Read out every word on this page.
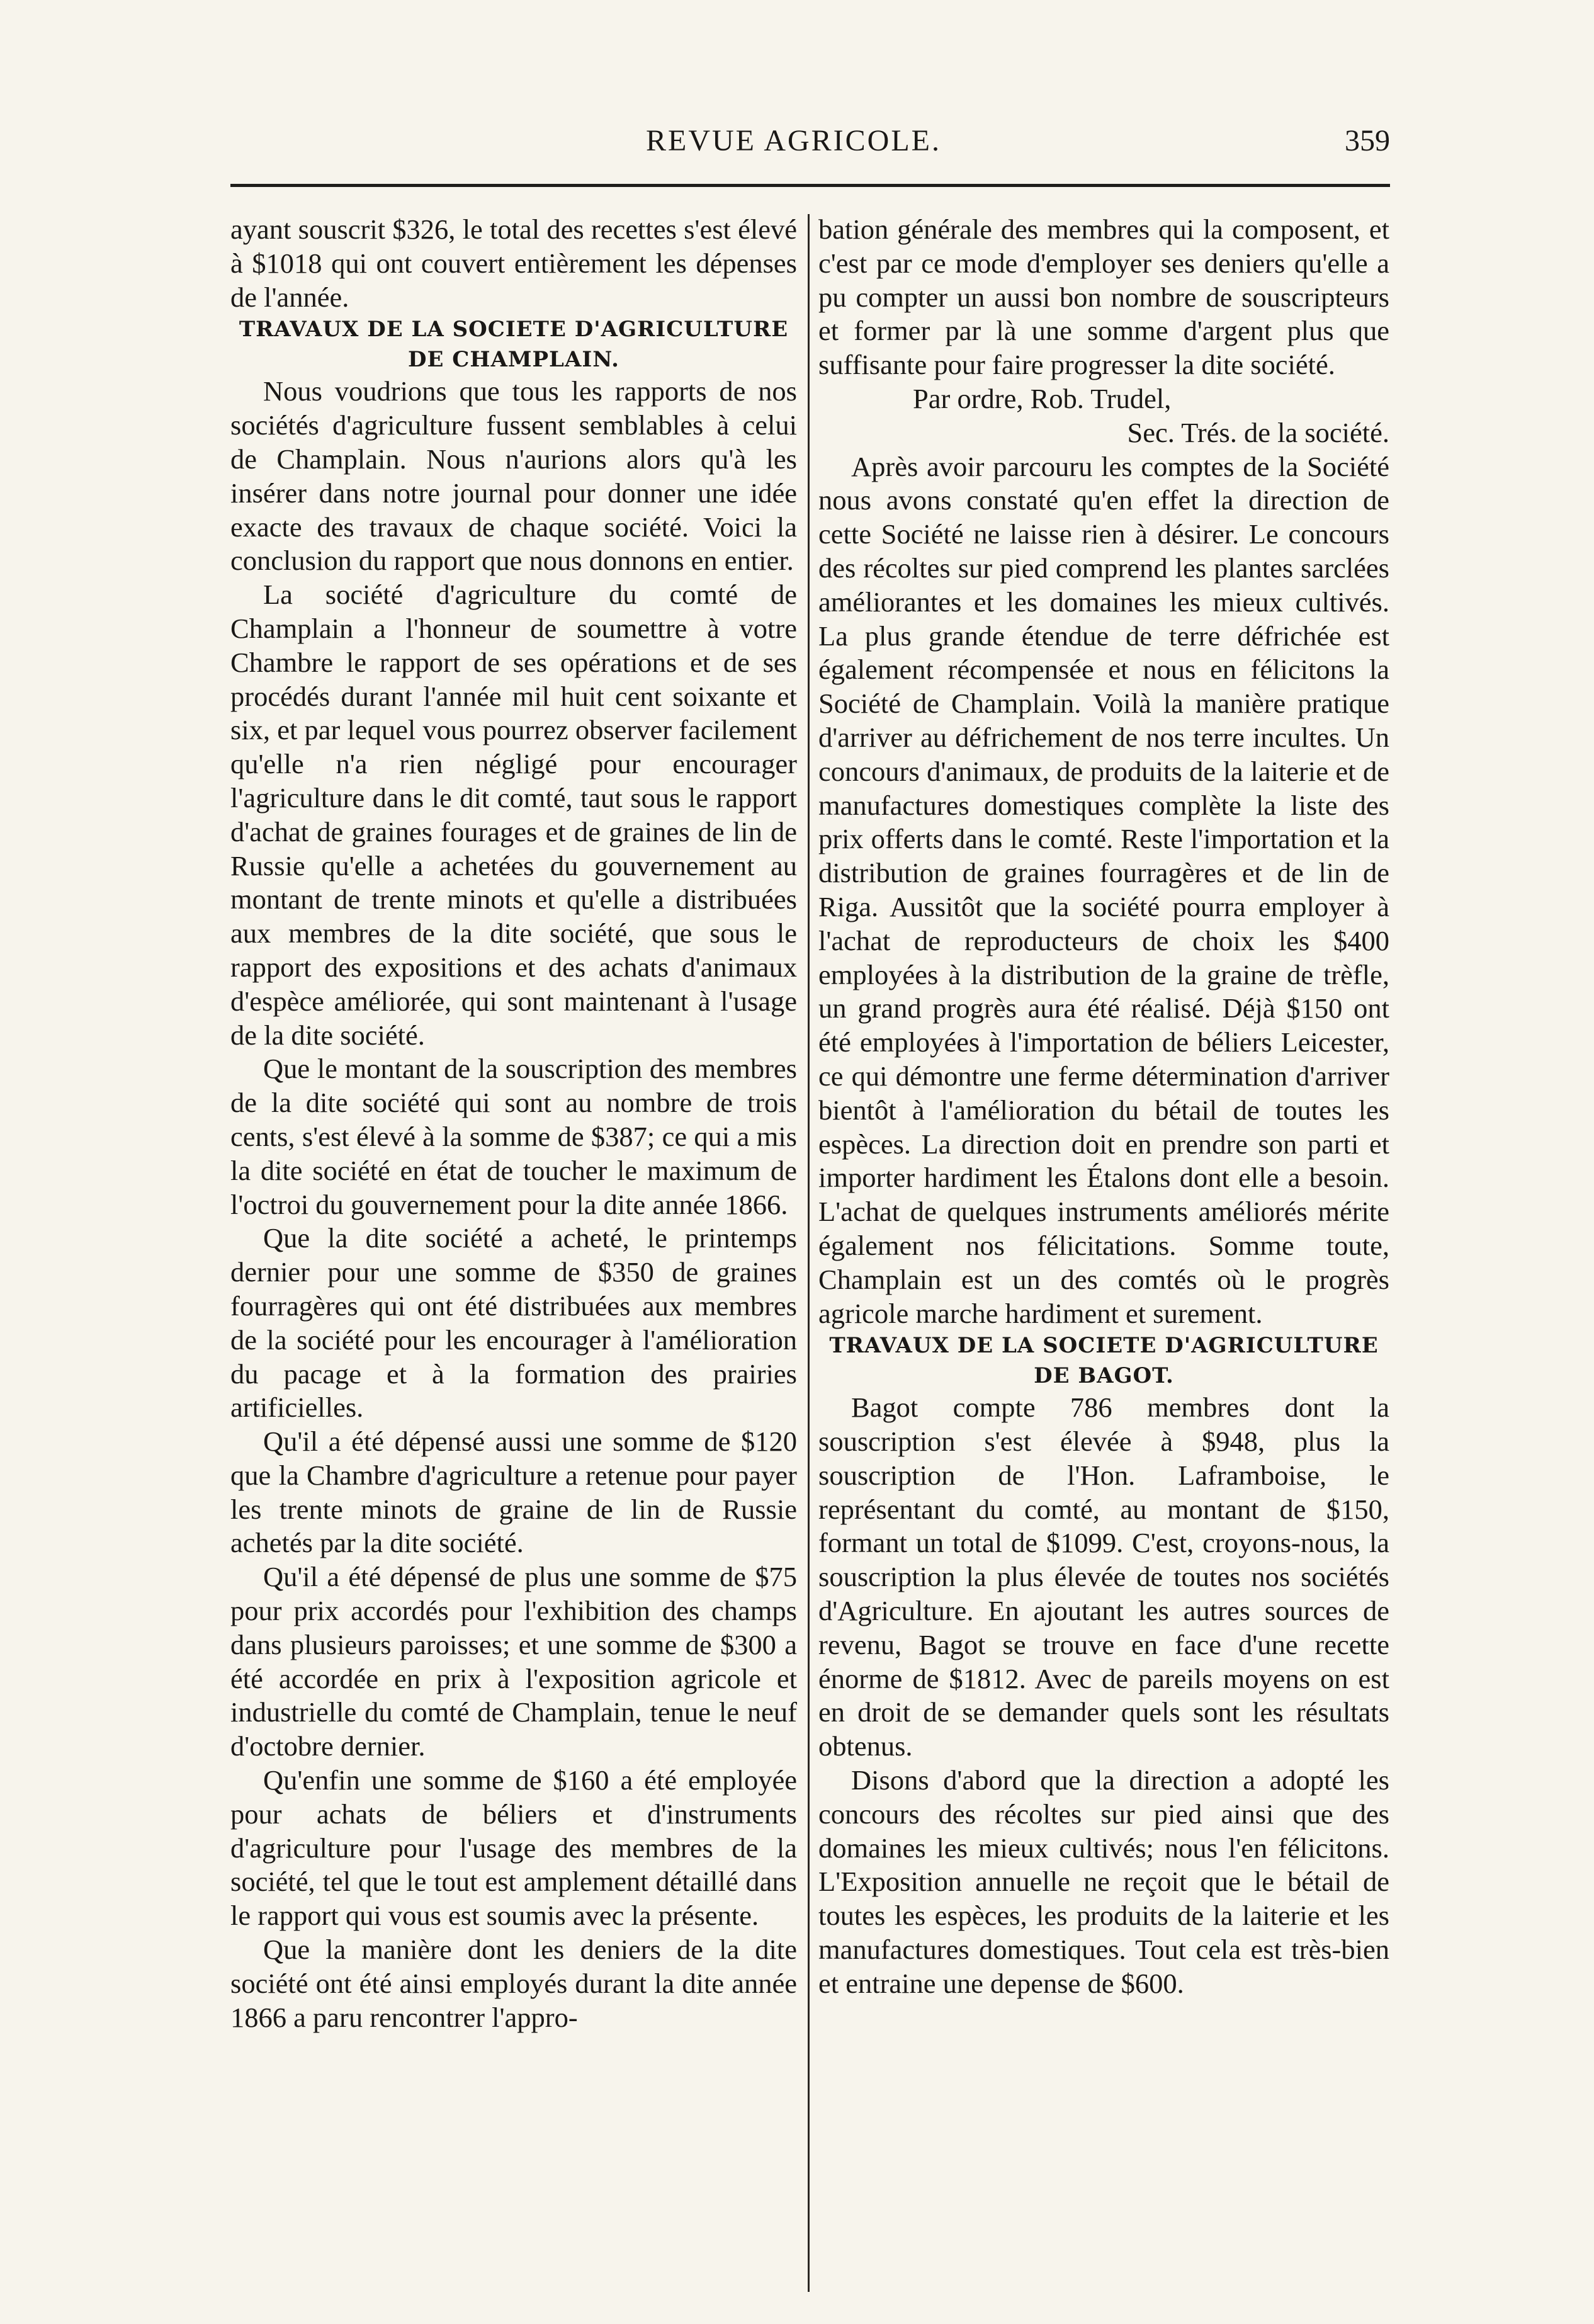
REVUE AGRICOLE.	359

ayant souscrit $326, le total des recettes s'est élevé à $1018 qui ont couvert entièrement les dépenses de l'année.

TRAVAUX DE LA SOCIETE D'AGRICULTURE DE CHAMPLAIN.

Nous voudrions que tous les rapports de nos sociétés d'agriculture fussent semblables à celui de Champlain. Nous n'aurions alors qu'à les insérer dans notre journal pour donner une idée exacte des travaux de chaque société. Voici la conclusion du rapport que nous donnons en entier.

La société d'agriculture du comté de Champlain a l'honneur de soumettre à votre Chambre le rapport de ses opérations et de ses procédés durant l'année mil huit cent soixante et six, et par lequel vous pourrez observer facilement qu'elle n'a rien négligé pour encourager l'agriculture dans le dit comté, taut sous le rapport d'achat de graines fourages et de graines de lin de Russie qu'elle a achetées du gouvernement au montant de trente minots et qu'elle a distribuées aux membres de la dite société, que sous le rapport des expositions et des achats d'animaux d'espèce améliorée, qui sont maintenant à l'usage de la dite société.

Que le montant de la souscription des membres de la dite société qui sont au nombre de trois cents, s'est élevé à la somme de $387; ce qui a mis la dite société en état de toucher le maximum de l'octroi du gouvernement pour la dite année 1866.

Que la dite société a acheté, le printemps dernier pour une somme de $350 de graines fourragères qui ont été distribuées aux membres de la société pour les encourager à l'amélioration du pacage et à la formation des prairies artificielles.

Qu'il a été dépensé aussi une somme de $120 que la Chambre d'agriculture a retenue pour payer les trente minots de graine de lin de Russie achetés par la dite société.

Qu'il a été dépensé de plus une somme de $75 pour prix accordés pour l'exhibition des champs dans plusieurs paroisses; et une somme de $300 a été accordée en prix à l'exposition agricole et industrielle du comté de Champlain, tenue le neuf d'octobre dernier.

Qu'enfin une somme de $160 a été employée pour achats de béliers et d'instruments d'agriculture pour l'usage des membres de la société, tel que le tout est amplement détaillé dans le rapport qui vous est soumis avec la présente.

Que la manière dont les deniers de la dite société ont été ainsi employés durant la dite année 1866 a paru rencontrer l'appro-

bation générale des membres qui la composent, et c'est par ce mode d'employer ses deniers qu'elle a pu compter un aussi bon nombre de souscripteurs et former par là une somme d'argent plus que suffisante pour faire progresser la dite société.

Par ordre, Rob. Trudel,

Sec. Trés. de la société.

Après avoir parcouru les comptes de la Société nous avons constaté qu'en effet la direction de cette Société ne laisse rien à désirer. Le concours des récoltes sur pied comprend les plantes sarclées améliorantes et les domaines les mieux cultivés. La plus grande étendue de terre défrichée est également récompensée et nous en félicitons la Société de Champlain. Voilà la manière pratique d'arriver au défrichement de nos terre incultes. Un concours d'animaux, de produits de la laiterie et de manufactures domestiques complète la liste des prix offerts dans le comté. Reste l'importation et la distribution de graines fourragères et de lin de Riga. Aussitôt que la société pourra employer à l'achat de reproducteurs de choix les $400 employées à la distribution de la graine de trèfle, un grand progrès aura été réalisé. Déjà $150 ont été employées à l'importation de béliers Leicester, ce qui démontre une ferme détermination d'arriver bientôt à l'amélioration du bétail de toutes les espèces. La direction doit en prendre son parti et importer hardiment les Étalons dont elle a besoin. L'achat de quelques instruments améliorés mérite également nos félicitations. Somme toute, Champlain est un des comtés où le progrès agricole marche hardiment et surement.

TRAVAUX DE LA SOCIETE D'AGRICULTURE DE BAGOT.

Bagot compte 786 membres dont la souscription s'est élevée à $948, plus la souscription de l'Hon. Laframboise, le représentant du comté, au montant de $150, formant un total de $1099. C'est, croyons-nous, la souscription la plus élevée de toutes nos sociétés d'Agriculture. En ajoutant les autres sources de revenu, Bagot se trouve en face d'une recette énorme de $1812. Avec de pareils moyens on est en droit de se demander quels sont les résultats obtenus.

Disons d'abord que la direction a adopté les concours des récoltes sur pied ainsi que des domaines les mieux cultivés; nous l'en félicitons. L'Exposition annuelle ne reçoit que le bétail de toutes les espèces, les produits de la laiterie et les manufactures domestiques. Tout cela est très-bien et entraine une depense de $600.
